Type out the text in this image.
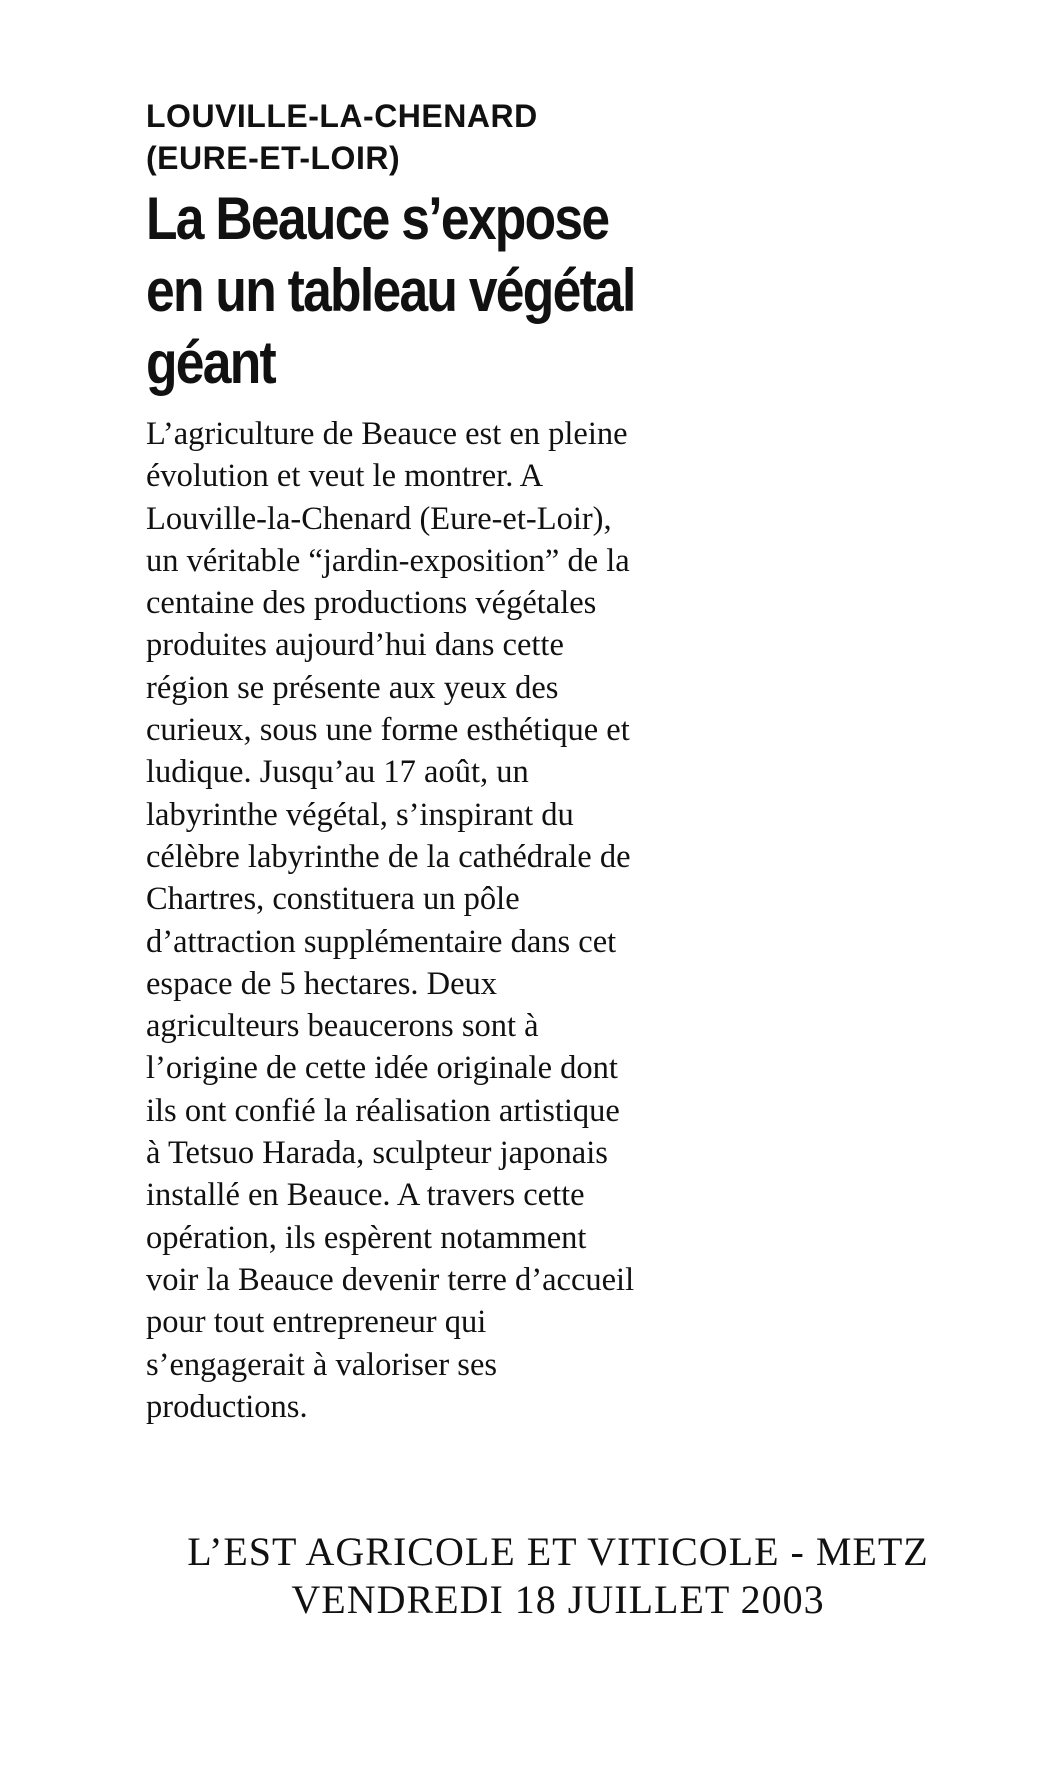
LOUVILLE-LA-CHENARD
(EURE-ET-LOIR)
La Beauce s’expose
en un tableau végétal
géant
L’agriculture de Beauce est en pleine
évolution et veut le montrer. A
Louville-la-Chenard (Eure-et-Loir),
un véritable “jardin-exposition” de la
centaine des productions végétales
produites aujourd’hui dans cette
région se présente aux yeux des
curieux, sous une forme esthétique et
ludique. Jusqu’au 17 août, un
labyrinthe végétal, s’inspirant du
célèbre labyrinthe de la cathédrale de
Chartres, constituera un pôle
d’attraction supplémentaire dans cet
espace de 5 hectares. Deux
agriculteurs beaucerons sont à
l’origine de cette idée originale dont
ils ont confié la réalisation artistique
à Tetsuo Harada, sculpteur japonais
installé en Beauce. A travers cette
opération, ils espèrent notamment
voir la Beauce devenir terre d’accueil
pour tout entrepreneur qui
s’engagerait à valoriser ses
productions.
L’EST AGRICOLE ET VITICOLE - METZ
VENDREDI 18 JUILLET 2003
